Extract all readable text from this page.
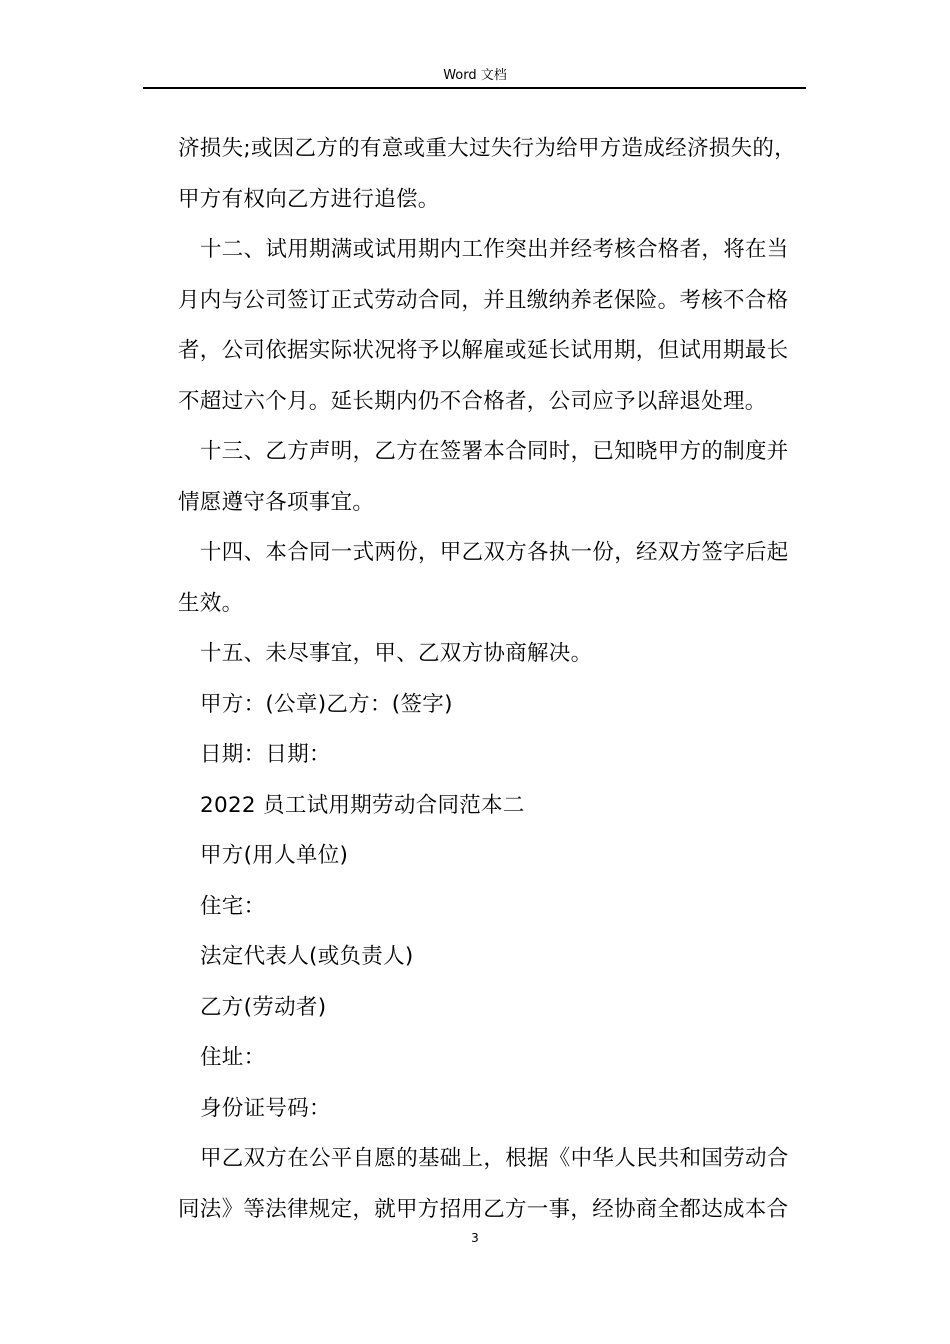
Word 文档

济损失;或因乙方的有意或重大过失行为给甲方造成经济损失的，

甲方有权向乙方进行追偿。

十二、试用期满或试用期内工作突出并经考核合格者，将在当

月内与公司签订正式劳动合同，并且缴纳养老保险。考核不合格

者，公司依据实际状况将予以解雇或延长试用期，但试用期最长

不超过六个月。延长期内仍不合格者，公司应予以辞退处理。

十三、乙方声明，乙方在签署本合同时，已知晓甲方的制度并

情愿遵守各项事宜。

十四、本合同一式两份，甲乙双方各执一份，经双方签字后起

生效。

十五、未尽事宜，甲、乙双方协商解决。

甲方：(公章)乙方：(签字)

日期：日期：

2022 员工试用期劳动合同范本二

甲方(用人单位)

住宅：

法定代表人(或负责人)

乙方(劳动者)

住址：

身份证号码：

甲乙双方在公平自愿的基础上，根据《中华人民共和国劳动合

同法》等法律规定，就甲方招用乙方一事，经协商全都达成本合

3
